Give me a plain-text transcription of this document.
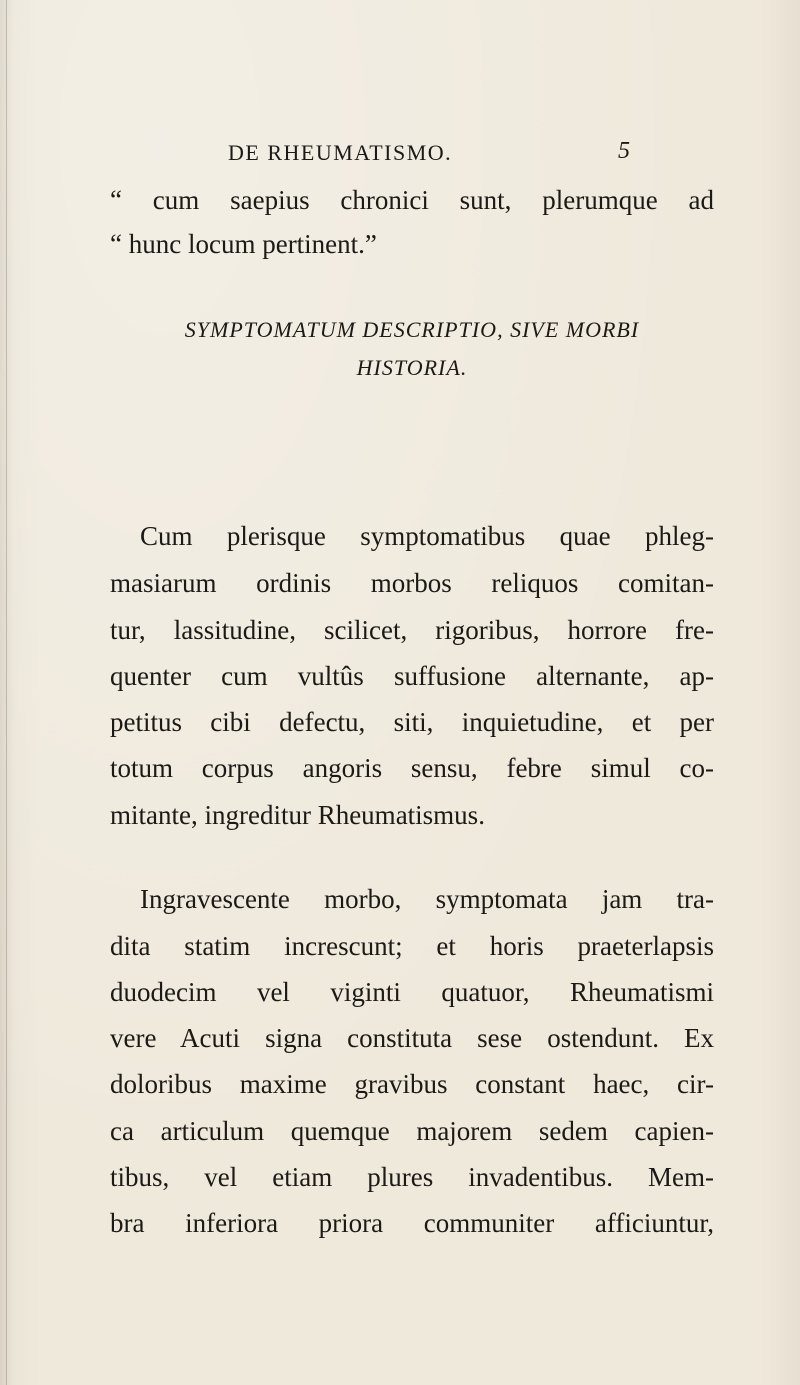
DE RHEUMATISMO.	5
“ cum saepius chronici sunt, plerumque ad
“ hunc locum pertinent.”
SYMPTOMATUM DESCRIPTIO, SIVE MORBI
HISTORIA.
Cum plerisque symptomatibus quae phleg-
masiarum ordinis morbos reliquos comitan-
tur, lassitudine, scilicet, rigoribus, horrore fre-
quenter cum vultûs suffusione alternante, ap-
petitus cibi defectu, siti, inquietudine, et per
totum corpus angoris sensu, febre simul co-
mitante, ingreditur Rheumatismus.
Ingravescente morbo, symptomata jam tra-
dita statim increscunt; et horis praeterlapsis
duodecim vel viginti quatuor, Rheumatismi
vere Acuti signa constituta sese ostendunt. Ex
doloribus maxime gravibus constant haec, cir-
ca articulum quemque majorem sedem capien-
tibus, vel etiam plures invadentibus. Mem-
bra inferiora priora communiter afficiuntur,
